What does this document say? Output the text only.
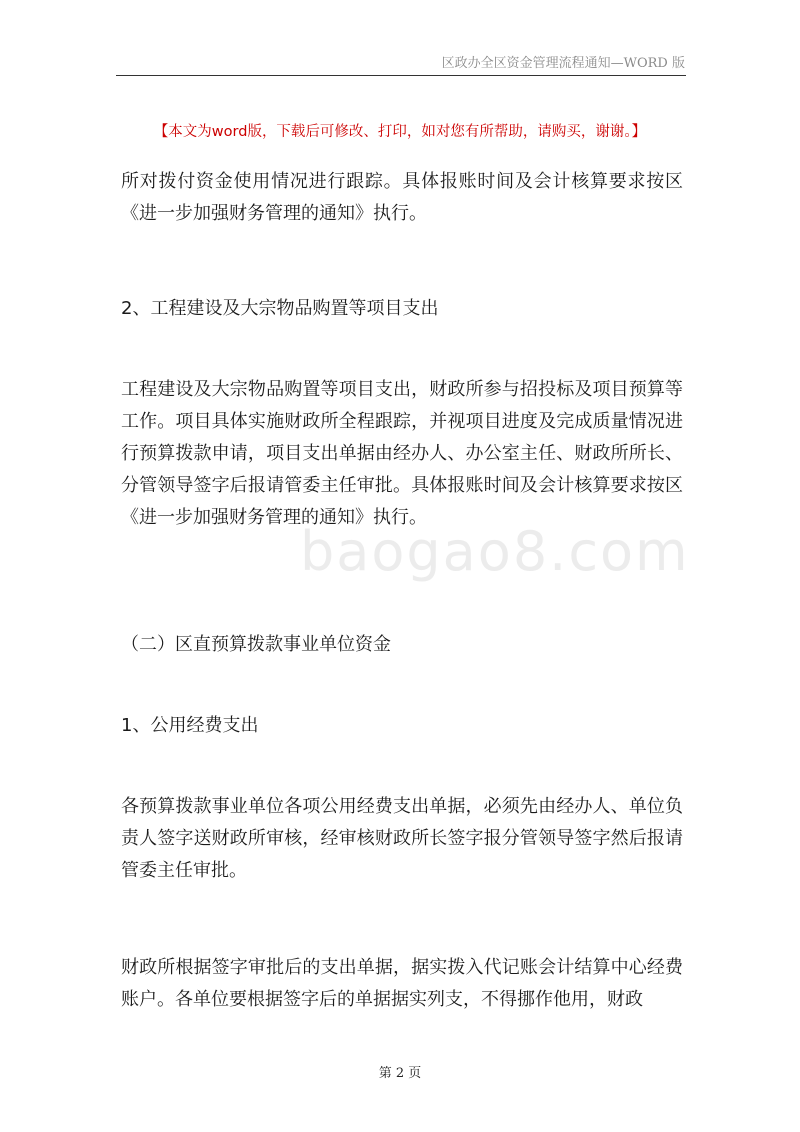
区政办全区资金管理流程通知—WORD 版
【本文为word版，下载后可修改、打印，如对您有所帮助，请购买，谢谢。】
baogao8.com

所对拨付资金使用情况进行跟踪。具体报账时间及会计核算要求按区《进一步加强财务管理的通知》执行。

2、工程建设及大宗物品购置等项目支出

工程建设及大宗物品购置等项目支出，财政所参与招投标及项目预算等工作。项目具体实施财政所全程跟踪，并视项目进度及完成质量情况进行预算拨款申请，项目支出单据由经办人、办公室主任、财政所所长、分管领导签字后报请管委主任审批。具体报账时间及会计核算要求按区《进一步加强财务管理的通知》执行。

（二）区直预算拨款事业单位资金

1、公用经费支出

各预算拨款事业单位各项公用经费支出单据，必须先由经办人、单位负责人签字送财政所审核，经审核财政所长签字报分管领导签字然后报请管委主任审批。

财政所根据签字审批后的支出单据，据实拨入代记账会计结算中心经费账户。各单位要根据签字后的单据据实列支，不得挪作他用，财政

第 2 页
